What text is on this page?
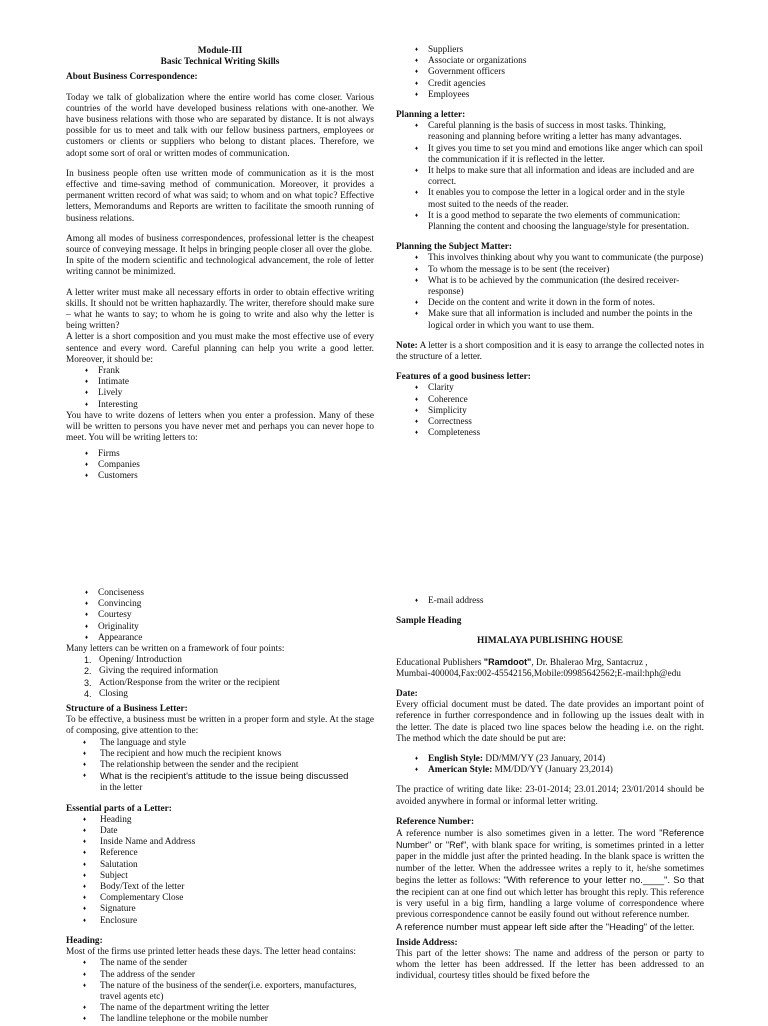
Module-III
Basic Technical Writing Skills
About Business Correspondence:

Today we talk of globalization where the entire world has come closer. Various countries of the world have developed business relations with one-another. We have business relations with those who are separated by distance. It is not always possible for us to meet and talk with our fellow business partners, employees or customers or clients or suppliers who belong to distant places. Therefore, we adopt some sort of oral or written modes of communication.

In business people often use written mode of communication as it is the most effective and time-saving method of communication. Moreover, it provides a permanent written record of what was said; to whom and on what topic? Effective letters, Memorandums and Reports are written to facilitate the smooth running of business relations.

Among all modes of business correspondences, professional letter is the cheapest source of conveying message. It helps in bringing people closer all over the globe.

In spite of the modern scientific and technological advancement, the role of letter writing cannot be minimized.

A letter writer must make all necessary efforts in order to obtain effective writing skills. It should not be written haphazardly. The writer, therefore should make sure – what he wants to say; to whom he is going to write and also why the letter is being written?

A letter is a short composition and you must make the most effective use of every sentence and every word. Careful planning can help you write a good letter. Moreover, it should be:

♦ Frank
♦ Intimate
♦ Lively
♦ Interesting

You have to write dozens of letters when you enter a profession. Many of these will be written to persons you have never met and perhaps you can never hope to meet. You will be writing letters to:

♦ Firms
♦ Companies
♦ Customers
♦ Suppliers
♦ Associate or organizations
♦ Government officers
♦ Credit agencies
♦ Employees
Planning a letter:
♦ Careful planning is the basis of success in most tasks. Thinking, reasoning and planning before writing a letter has many advantages.
♦ It gives you time to set you mind and emotions like anger which can spoil the communication if it is reflected in the letter.
♦ It helps to make sure that all information and ideas are included and are correct.
♦ It enables you to compose the letter in a logical order and in the style most suited to the needs of the reader.
♦ It is a good method to separate the two elements of communication: Planning the content and choosing the language/style for presentation.
Planning the Subject Matter:
♦ This involves thinking about why you want to communicate (the purpose)
♦ To whom the message is to be sent (the receiver)
♦ What is to be achieved by the communication (the desired receiver-response)
♦ Decide on the content and write it down in the form of notes.
♦ Make sure that all information is included and number the points in the logical order in which you want to use them.

Note: A letter is a short composition and it is easy to arrange the collected notes in the structure of a letter.

Features of a good business letter:
♦ Clarity
♦ Coherence
♦ Simplicity
♦ Correctness
♦ Completeness
♦ Conciseness
♦ Convincing
♦ Courtesy
♦ Originality
♦ Appearance

Many letters can be written on a framework of four points:

1. Opening/ Introduction
2. Giving the required information
3. Action/Response from the writer or the recipient
4. Closing
Structure of a Business Letter:

To be effective, a business must be written in a proper form and style. At the stage of composing, give attention to the:

♦ The language and style
♦ The recipient and how much the recipient knows
♦ The relationship between the sender and the recipient
♦ What is the recipient's attitude to the issue being discussed
in the letter
Essential parts of a Letter:
♦ Heading
♦ Date
♦ Inside Name and Address
♦ Reference
♦ Salutation
♦ Subject
♦ Body/Text of the letter
♦ Complementary Close
♦ Signature
♦ Enclosure
Heading:

Most of the firms use printed letter heads these days. The letter head contains:

♦ The name of the sender
♦ The address of the sender
♦ The nature of the business of the sender(i.e. exporters, manufactures, travel agents etc)
♦ The name of the department writing the letter
♦ The landline telephone or the mobile number
♦ E-mail address
Sample Heading
HIMALAYA PUBLISHING HOUSE

Educational Publishers "Ramdoot", Dr. Bhalerao Mrg, Santacruz ,
Mumbai-400004,Fax:002-45542156,Mobile:09985642562;E-mail:hph@edu

Date:

Every official document must be dated. The date provides an important point of reference in further correspondence and in following up the issues dealt with in the letter. The date is placed two line spaces below the heading i.e. on the right. The method which the date should be put are:

♦ English Style: DD/MM/YY (23 January, 2014)
♦ American Style: MM/DD/YY (January 23,2014)

The practice of writing date like: 23-01-2014; 23.01.2014; 23/01/2014 should be avoided anywhere in formal or informal letter writing.

Reference Number:

A reference number is also sometimes given in a letter. The word "Reference Number" or "Ref", with blank space for writing, is sometimes printed in a letter paper in the middle just after the printed heading. In the blank space is written the number of the letter. When the addressee writes a reply to it, he/she sometimes begins the letter as follows: "With reference to your letter no.____". So that the recipient can at one find out which letter has brought this reply. This reference is very useful in a big firm, handling a large volume of correspondence where previous correspondence cannot be easily found out without reference number.

A reference number must appear left side after the "Heading" of the letter.

Inside Address:

This part of the letter shows: The name and address of the person or party to whom the letter has been addressed. If the letter has been addressed to an individual, courtesy titles should be fixed before the
